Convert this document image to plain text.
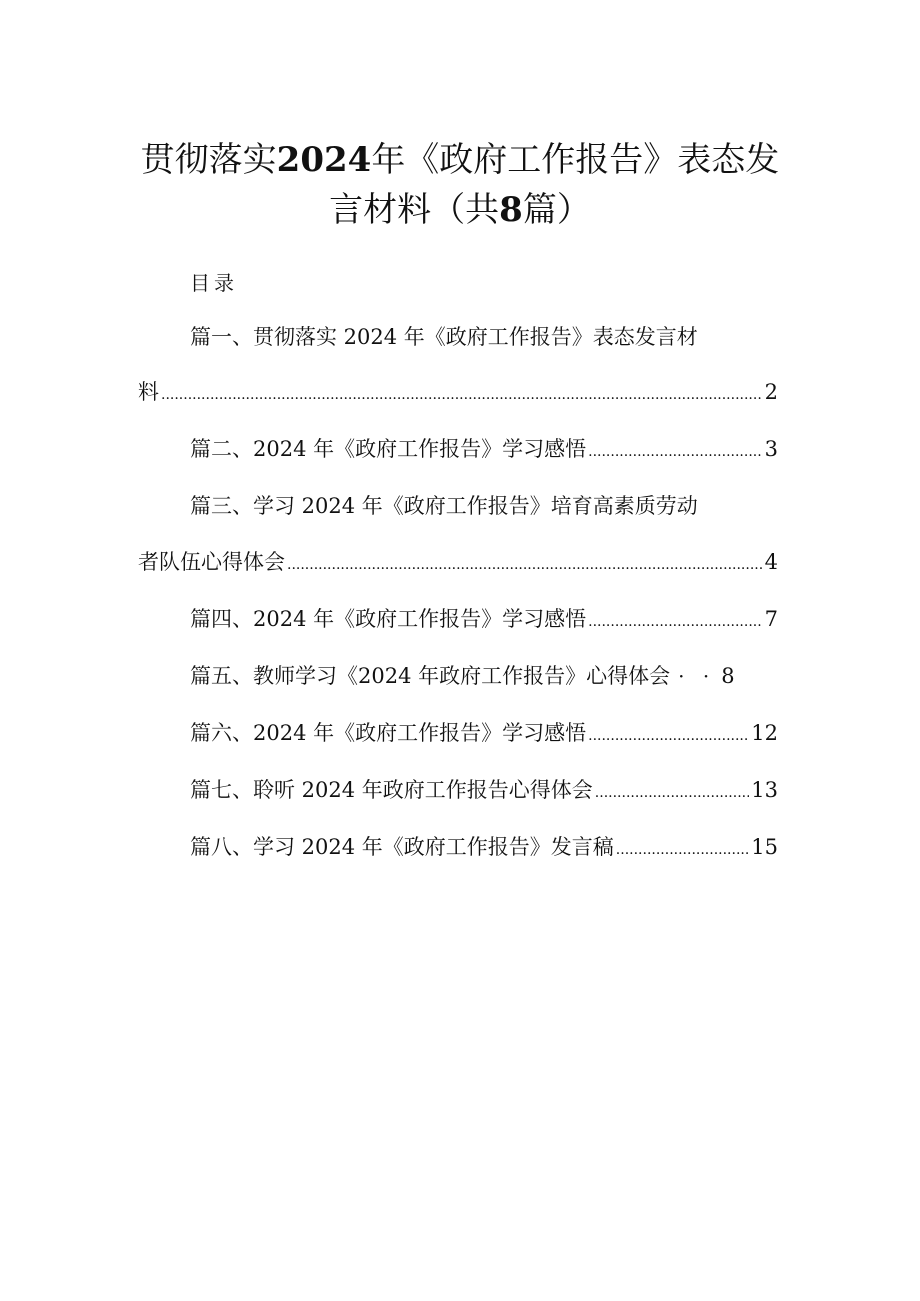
贯彻落实2024年《政府工作报告》表态发
言材料（共8篇）
目录
篇一、贯彻落实 2024 年《政府工作报告》表态发言材
料 .....	2
篇二、2024 年《政府工作报告》学习感悟 .....	3
篇三、学习 2024 年《政府工作报告》培育高素质劳动
者队伍心得体会 .....	4
篇四、2024 年《政府工作报告》学习感悟 .....	7
篇五、教师学习《2024 年政府工作报告》心得体会 · · 8
篇六、2024 年《政府工作报告》学习感悟 .....	12
篇七、聆听 2024 年政府工作报告心得体会 .....	13
篇八、学习 2024 年《政府工作报告》发言稿 .....	15
